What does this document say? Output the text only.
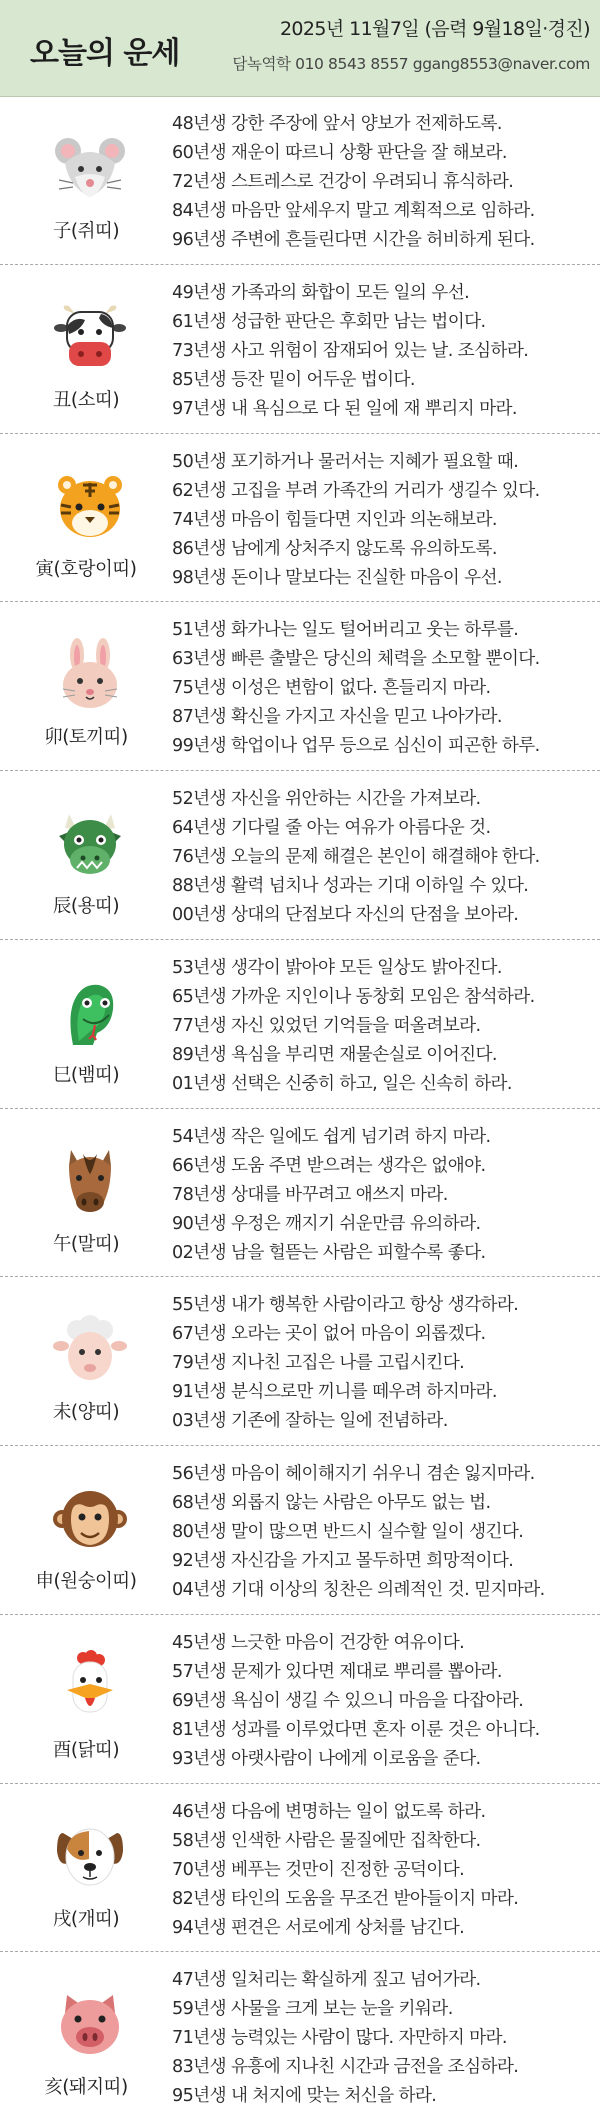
오늘의 운세
2025년 11월7일 (음력 9월18일·경진)
담녹역학 010 8543 8557 ggang8553@naver.com
子(쥐띠)
48년생 강한 주장에 앞서 양보가 전제하도록.
60년생 재운이 따르니 상황 판단을 잘 해보라.
72년생 스트레스로 건강이 우려되니 휴식하라.
84년생 마음만 앞세우지 말고 계획적으로 임하라.
96년생 주변에 흔들린다면 시간을 허비하게 된다.
丑(소띠)
49년생 가족과의 화합이 모든 일의 우선.
61년생 성급한 판단은 후회만 남는 법이다.
73년생 사고 위험이 잠재되어 있는 날. 조심하라.
85년생 등잔 밑이 어두운 법이다.
97년생 내 욕심으로 다 된 일에 재 뿌리지 마라.
寅(호랑이띠)
50년생 포기하거나 물러서는 지혜가 필요할 때.
62년생 고집을 부려 가족간의 거리가 생길수 있다.
74년생 마음이 힘들다면 지인과 의논해보라.
86년생 남에게 상처주지 않도록 유의하도록.
98년생 돈이나 말보다는 진실한 마음이 우선.
卯(토끼띠)
51년생 화가나는 일도 털어버리고 웃는 하루를.
63년생 빠른 출발은 당신의 체력을 소모할 뿐이다.
75년생 이성은 변함이 없다. 흔들리지 마라.
87년생 확신을 가지고 자신을 믿고 나아가라.
99년생 학업이나 업무 등으로 심신이 피곤한 하루.
辰(용띠)
52년생 자신을 위안하는 시간을 가져보라.
64년생 기다릴 줄 아는 여유가 아름다운 것.
76년생 오늘의 문제 해결은 본인이 해결해야 한다.
88년생 활력 넘치나 성과는 기대 이하일 수 있다.
00년생 상대의 단점보다 자신의 단점을 보아라.
巳(뱀띠)
53년생 생각이 밝아야 모든 일상도 밝아진다.
65년생 가까운 지인이나 동창회 모임은 참석하라.
77년생 자신 있었던 기억들을 떠올려보라.
89년생 욕심을 부리면 재물손실로 이어진다.
01년생 선택은 신중히 하고, 일은 신속히 하라.
午(말띠)
54년생 작은 일에도 쉽게 넘기려 하지 마라.
66년생 도움 주면 받으려는 생각은 없애야.
78년생 상대를 바꾸려고 애쓰지 마라.
90년생 우정은 깨지기 쉬운만큼 유의하라.
02년생 남을 헐뜯는 사람은 피할수록 좋다.
未(양띠)
55년생 내가 행복한 사람이라고 항상 생각하라.
67년생 오라는 곳이 없어 마음이 외롭겠다.
79년생 지나친 고집은 나를 고립시킨다.
91년생 분식으로만 끼니를 떼우려 하지마라.
03년생 기존에 잘하는 일에 전념하라.
申(원숭이띠)
56년생 마음이 헤이해지기 쉬우니 겸손 잃지마라.
68년생 외롭지 않는 사람은 아무도 없는 법.
80년생 말이 많으면 반드시 실수할 일이 생긴다.
92년생 자신감을 가지고 몰두하면 희망적이다.
04년생 기대 이상의 칭찬은 의례적인 것. 믿지마라.
酉(닭띠)
45년생 느긋한 마음이 건강한 여유이다.
57년생 문제가 있다면 제대로 뿌리를 뽑아라.
69년생 욕심이 생길 수 있으니 마음을 다잡아라.
81년생 성과를 이루었다면 혼자 이룬 것은 아니다.
93년생 아랫사람이 나에게 이로움을 준다.
戌(개띠)
46년생 다음에 변명하는 일이 없도록 하라.
58년생 인색한 사람은 물질에만 집착한다.
70년생 베푸는 것만이 진정한 공덕이다.
82년생 타인의 도움을 무조건 받아들이지 마라.
94년생 편견은 서로에게 상처를 남긴다.
亥(돼지띠)
47년생 일처리는 확실하게 짚고 넘어가라.
59년생 사물을 크게 보는 눈을 키워라.
71년생 능력있는 사람이 많다. 자만하지 마라.
83년생 유흥에 지나친 시간과 금전을 조심하라.
95년생 내 처지에 맞는 처신을 하라.
